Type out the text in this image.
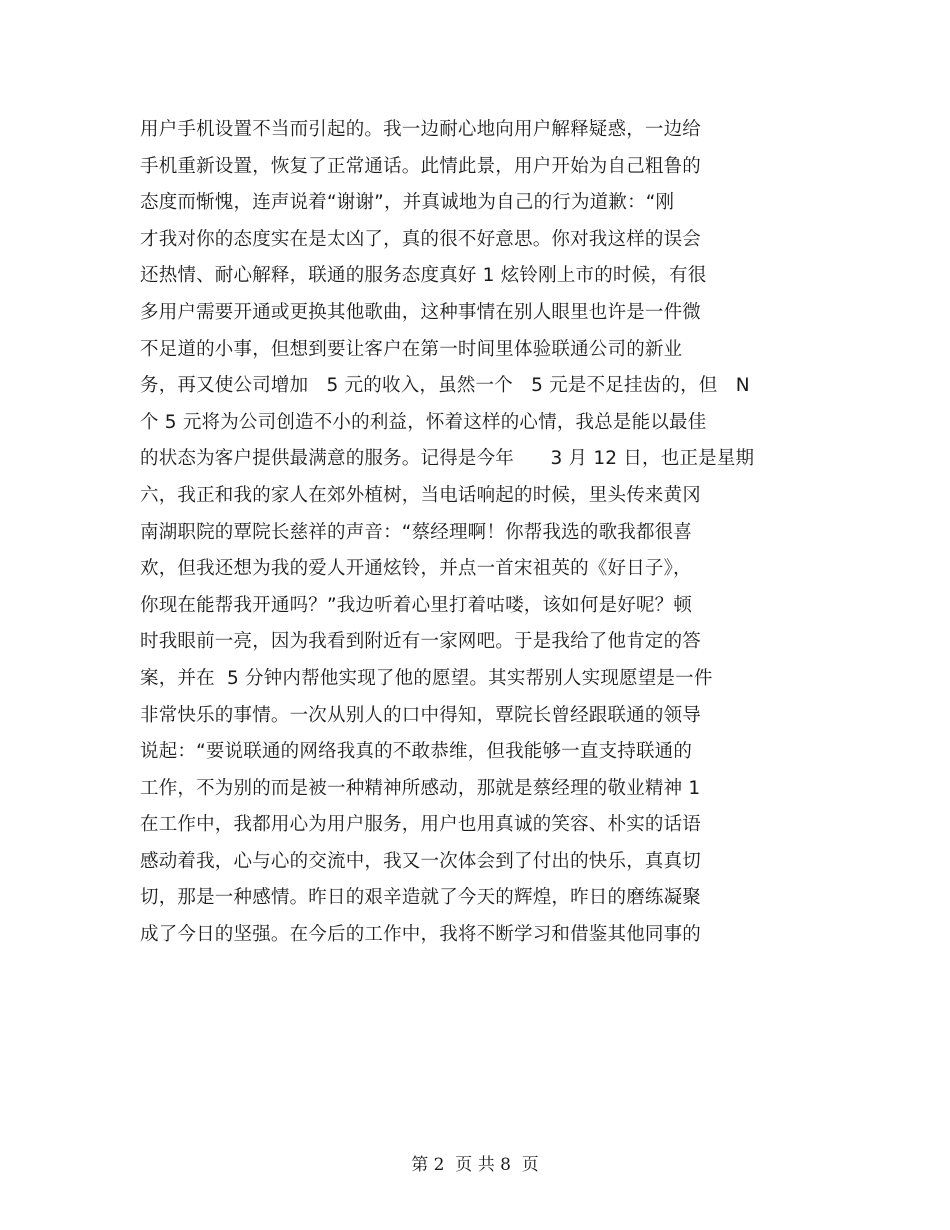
用户手机设置不当而引起的。我一边耐心地向用户解释疑惑，一边给
手机重新设置，恢复了正常通话。此情此景，用户开始为自己粗鲁的
态度而惭愧，连声说着“谢谢”，并真诚地为自己的行为道歉：“刚
才我对你的态度实在是太凶了，真的很不好意思。你对我这样的误会
还热情、耐心解释，联通的服务态度真好 1 炫铃刚上市的时候，有很
多用户需要开通或更换其他歌曲，这种事情在别人眼里也许是一件微
不足道的小事，但想到要让客户在第一时间里体验联通公司的新业
务，再又使公司增加   5 元的收入，虽然一个   5 元是不足挂齿的，但   N
个 5 元将为公司创造不小的利益，怀着这样的心情，我总是能以最佳
的状态为客户提供最满意的服务。记得是今年      3 月 12 日，也正是星期
六，我正和我的家人在郊外植树，当电话响起的时候，里头传来黄冈
南湖职院的覃院长慈祥的声音：“蔡经理啊！你帮我选的歌我都很喜
欢，但我还想为我的爱人开通炫铃，并点一首宋祖英的《好日子》，
你现在能帮我开通吗？”我边听着心里打着咕喽，该如何是好呢？顿
时我眼前一亮，因为我看到附近有一家网吧。于是我给了他肯定的答
案，并在  5 分钟内帮他实现了他的愿望。其实帮别人实现愿望是一件
非常快乐的事情。一次从别人的口中得知，覃院长曾经跟联通的领导
说起：“要说联通的网络我真的不敢恭维，但我能够一直支持联通的
工作，不为别的而是被一种精神所感动，那就是蔡经理的敬业精神 1
在工作中，我都用心为用户服务，用户也用真诚的笑容、朴实的话语
感动着我，心与心的交流中，我又一次体会到了付出的快乐，真真切
切，那是一种感情。昨日的艰辛造就了今天的辉煌，昨日的磨练凝聚
成了今日的坚强。在今后的工作中，我将不断学习和借鉴其他同事的
第 2  页 共 8  页
